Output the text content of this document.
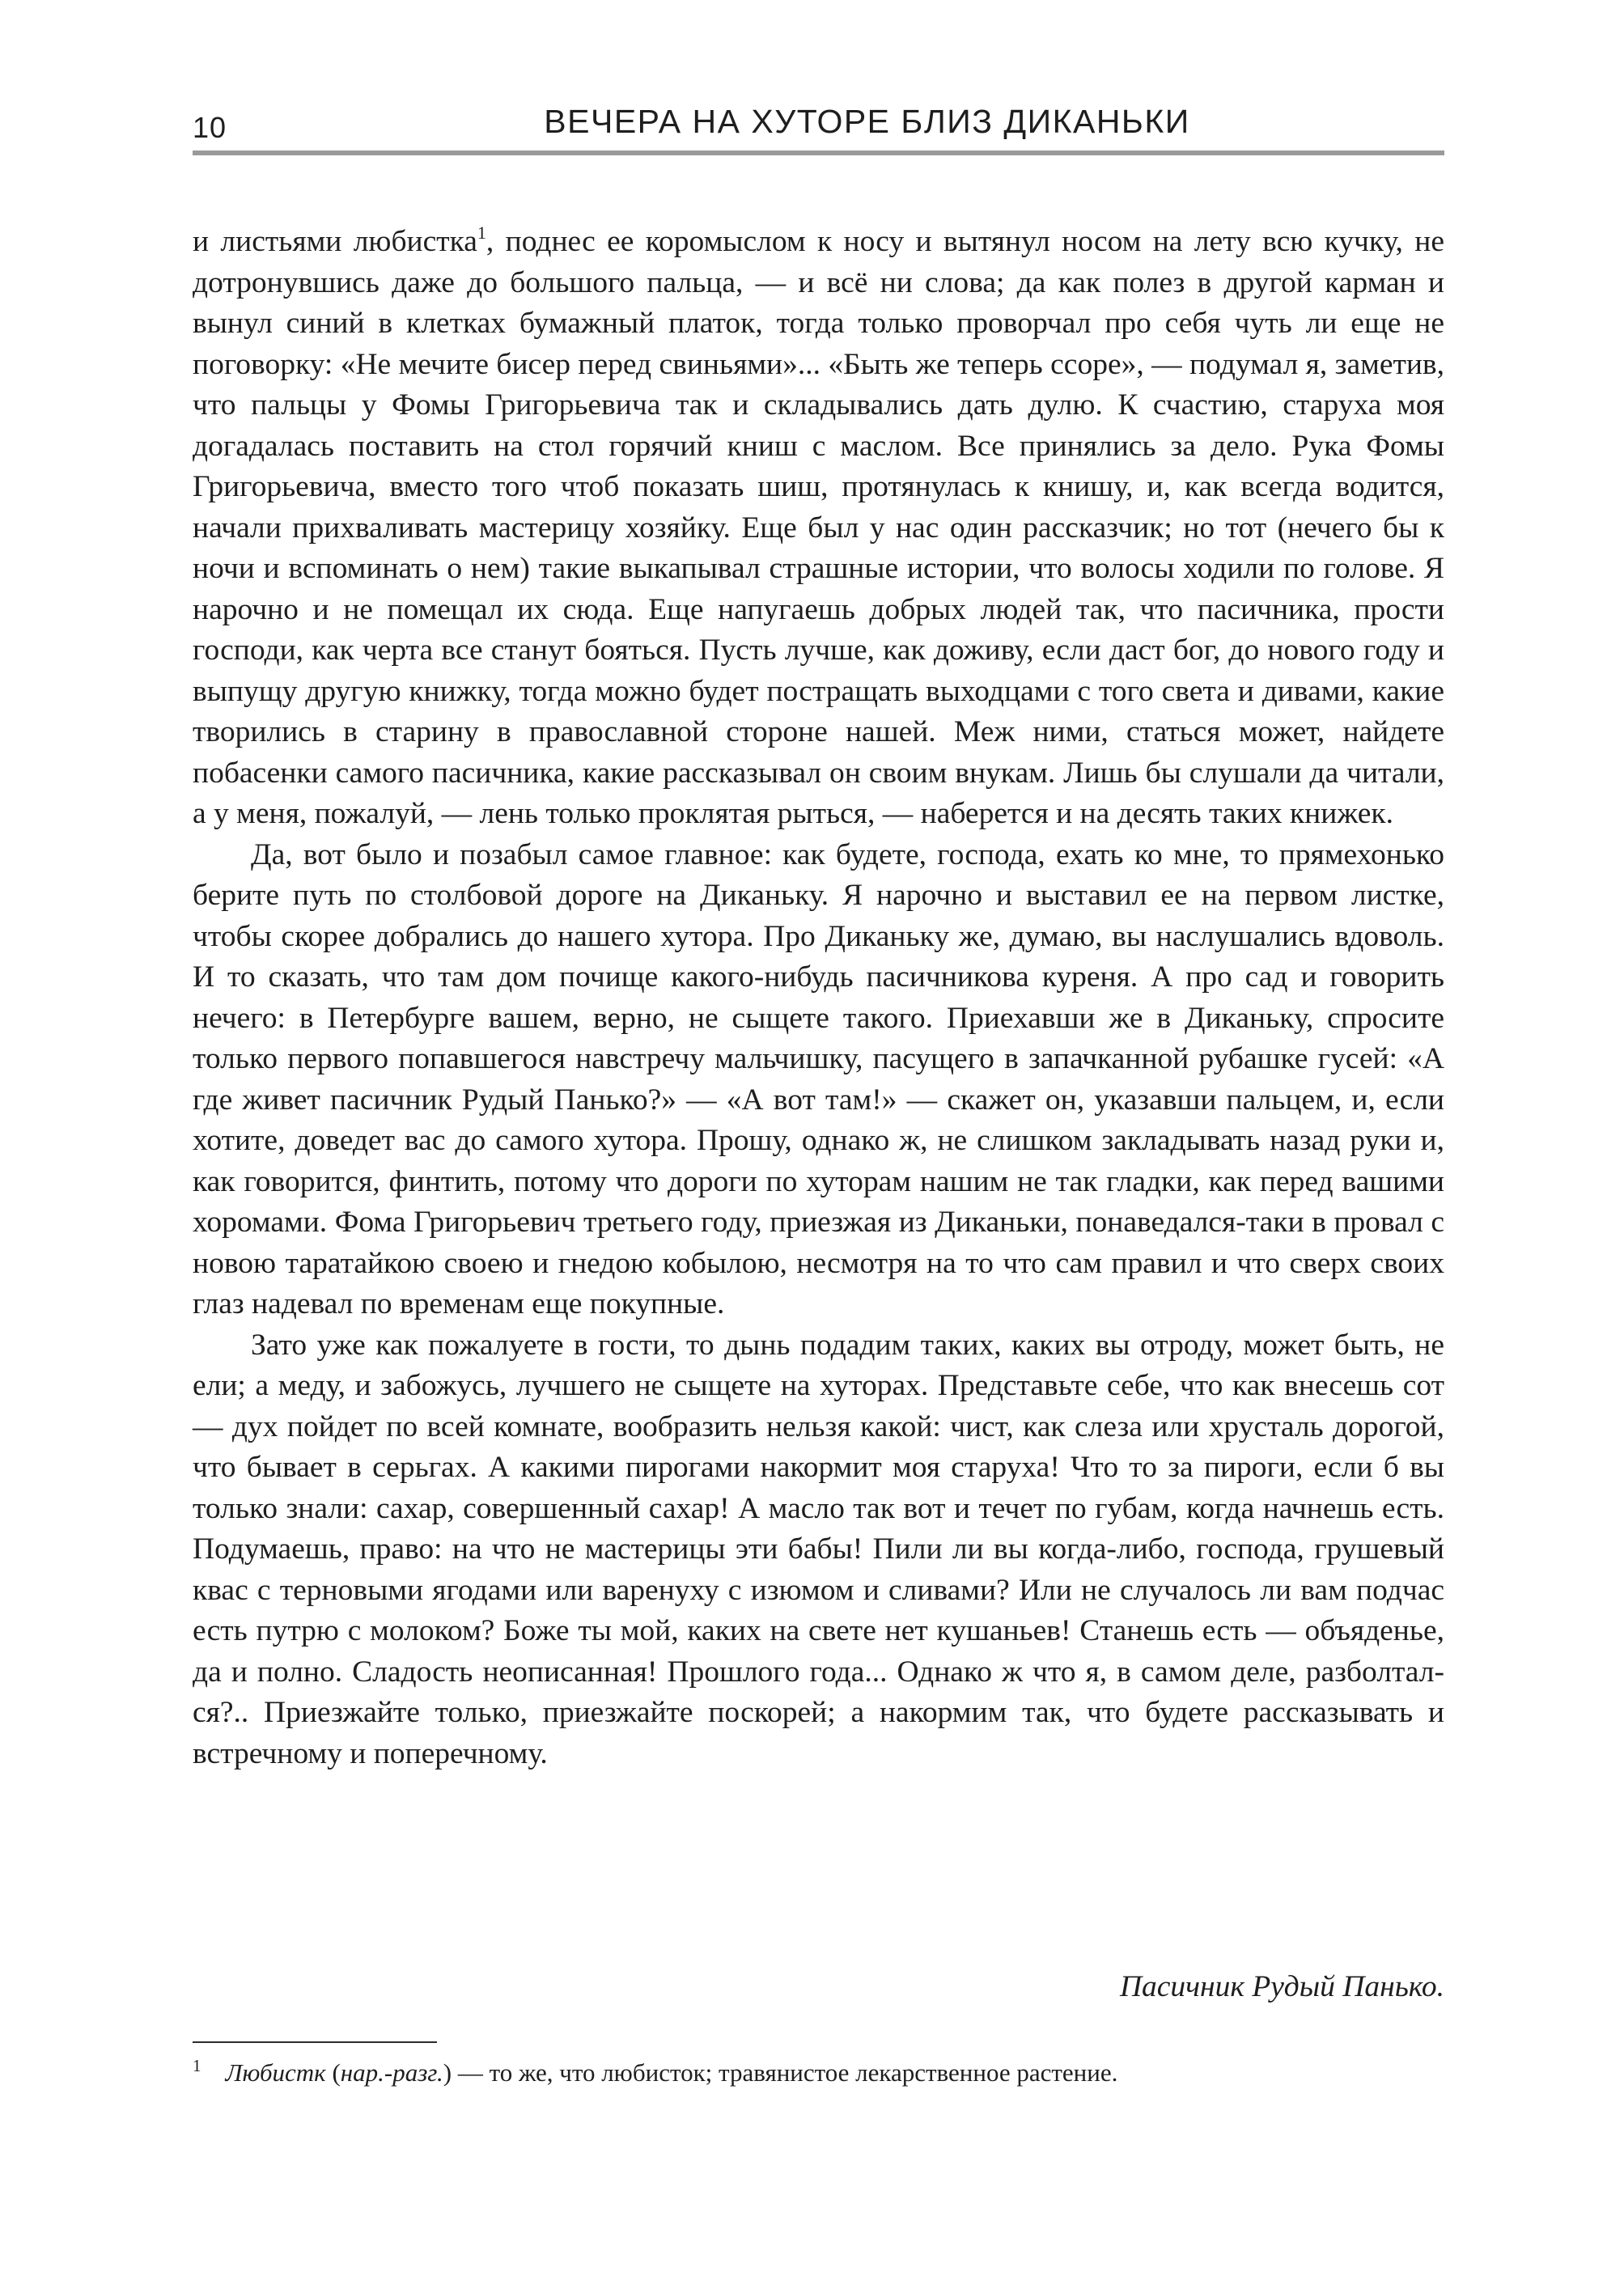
10	ВЕЧЕРА НА ХУТОРЕ БЛИЗ ДИКАНЬКИ

и листьями любистка$^1$, поднес ее коромыслом к носу и вытянул носом на лету всю кучку, не дотронувшись даже до большого пальца, — и всё ни слова; да как полез в другой карман и вынул синий в клетках бумажный платок, тогда только проворчал про себя чуть ли еще не поговорку: «Не мечите бисер перед свиньями»... «Быть же теперь ссоре», — подумал я, заметив, что пальцы у Фомы Григорьевича так и складывались дать дулю. К счастию, старуха моя догадалась поставить на стол горячий книш с маслом. Все принялись за дело. Рука Фомы Григорьевича, вместо того чтоб показать шиш, протянулась к книшу, и, как всегда водится, начали прихваливать мастерицу хозяйку. Еще был у нас один рассказчик; но тот (нечего бы к ночи и вспоминать о нем) такие выкапывал страшные истории, что волосы ходили по голове. Я нарочно и не помещал их сюда. Еще напугаешь добрых людей так, что пасичника, прости господи, как черта все станут бояться. Пусть лучше, как доживу, если даст бог, до нового году и выпущу другую книжку, тогда можно будет постращать выходцами с того света и дивами, какие творились в старину в православной стороне нашей. Меж ними, статься может, найдете побасенки самого пасичника, какие рассказывал он своим внукам. Лишь бы слушали да читали, а у меня, пожалуй, — лень только проклятая рыться, — наберется и на десять таких книжек.

Да, вот было и позабыл самое главное: как будете, господа, ехать ко мне, то прямехонько берите путь по столбовой дороге на Диканьку. Я нарочно и выставил ее на первом листке, чтобы скорее добрались до нашего хутора. Про Диканьку же, думаю, вы наслушались вдоволь. И то сказать, что там дом почище какого-нибудь пасичникова куреня. А про сад и говорить нечего: в Петербурге вашем, верно, не сыщете такого. Приехавши же в Диканьку, спросите только первого попавшегося навстречу мальчишку, пасущего в запачканной рубашке гусей: «А где живет пасичник Рудый Панько?» — «А вот там!» — скажет он, указавши пальцем, и, если хотите, доведет вас до самого хутора. Прошу, однако ж, не слишком закладывать назад руки и, как говорится, финтить, потому что дороги по хуторам нашим не так гладки, как перед вашими хоромами. Фома Григорьевич третьего году, приезжая из Диканьки, понаведался-таки в провал с новою таратайкою своею и гнедою кобылою, несмотря на то что сам правил и что сверх своих глаз надевал по временам еще покупные.

Зато уже как пожалуете в гости, то дынь подадим таких, каких вы отроду, может быть, не ели; а меду, и забожусь, лучшего не сыщете на хуторах. Представьте себе, что как внесешь сот — дух пойдет по всей комнате, вообразить нельзя какой: чист, как слеза или хрусталь дорогой, что бывает в серьгах. А какими пирогами накормит моя старуха! Что то за пироги, если б вы только знали: сахар, совершенный сахар! А масло так вот и течет по губам, когда начнешь есть. Подумаешь, право: на что не мастерицы эти бабы! Пили ли вы когда-либо, господа, грушевый квас с терновыми ягодами или варенуху с изюмом и сливами? Или не случалось ли вам подчас есть путрю с молоком? Боже ты мой, каких на свете нет кушаньев! Станешь есть — объяденье, да и полно. Сладость неописанная! Прошлого года... Однако ж что я, в самом деле, разболтался?.. Приезжайте только, приезжайте поскорей; а накормим так, что будете рассказывать и встречному и поперечному.

Пасичник Рудый Панько.
$^1$ Любистк (нар.-разг.) — то же, что любисток; травянистое лекарственное растение.
